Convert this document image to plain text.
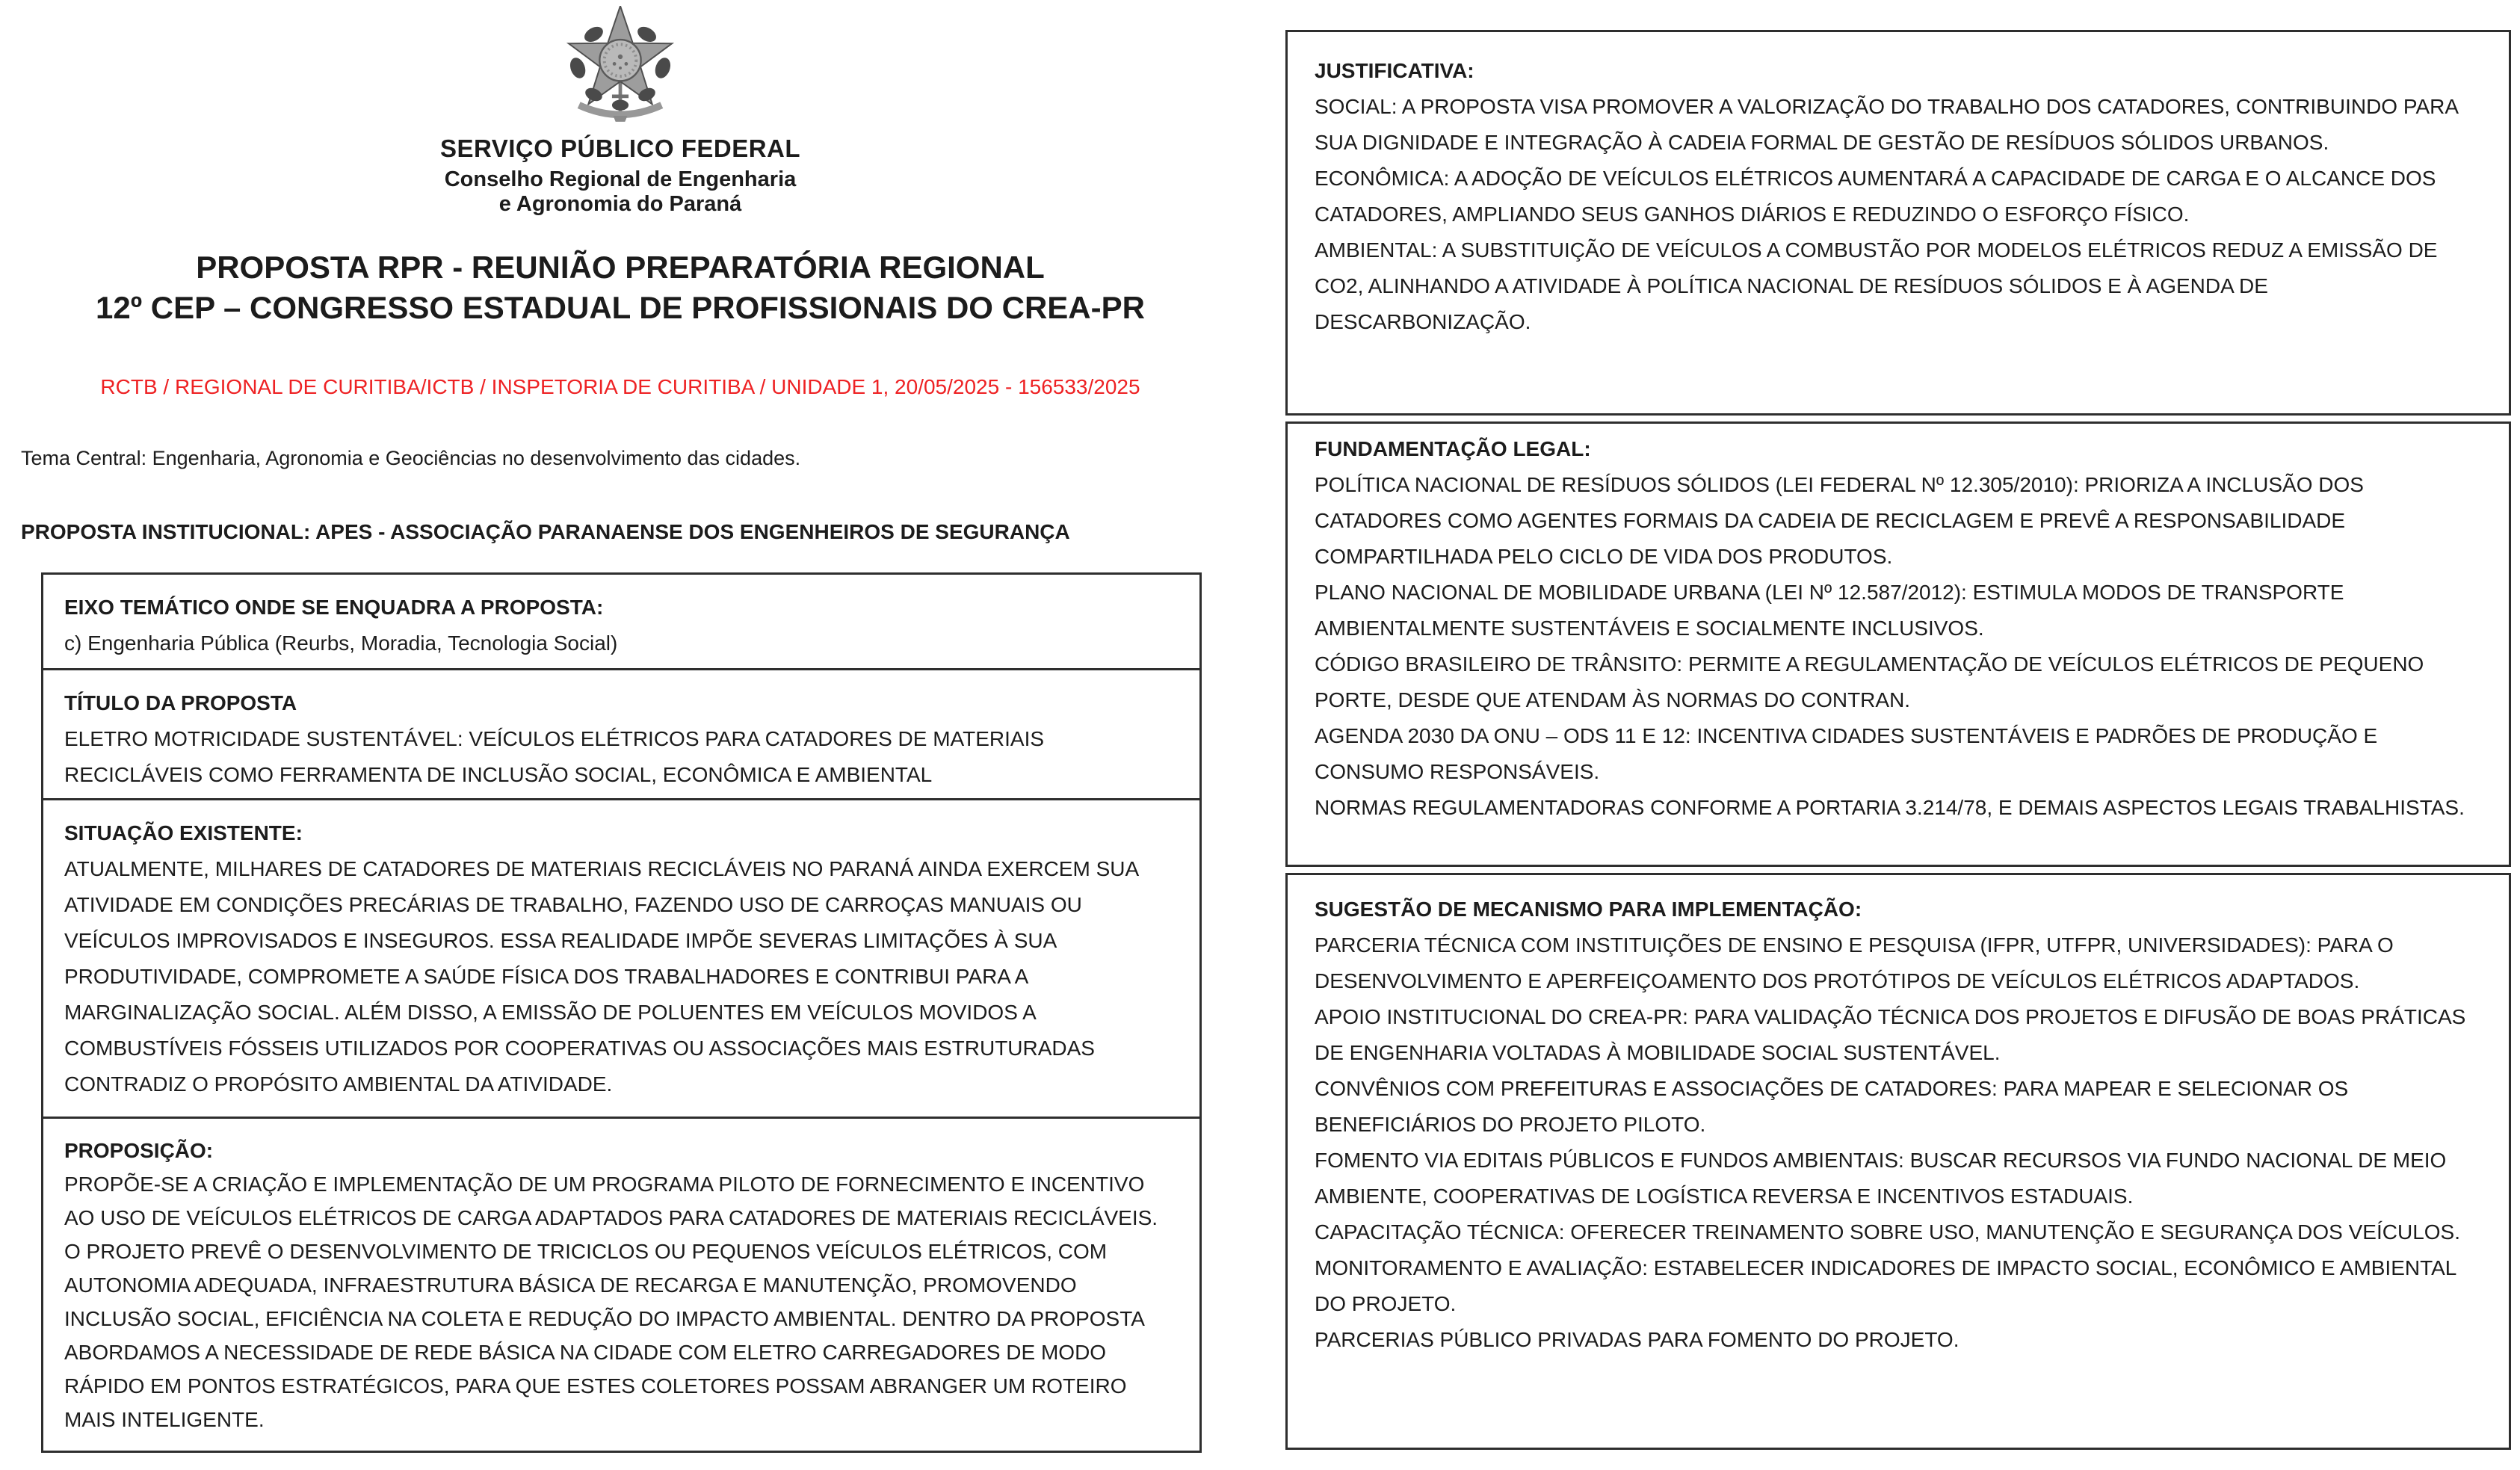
SERVIÇO PÚBLICO FEDERAL
Conselho Regional de Engenharia
e Agronomia do Paraná
PROPOSTA RPR - REUNIÃO PREPARATÓRIA REGIONAL
12º CEP – CONGRESSO ESTADUAL DE PROFISSIONAIS DO CREA-PR
RCTB / REGIONAL DE CURITIBA/ICTB / INSPETORIA DE CURITIBA / UNIDADE 1, 20/05/2025 - 156533/2025
Tema Central: Engenharia, Agronomia e Geociências no desenvolvimento das cidades.
PROPOSTA INSTITUCIONAL: APES - ASSOCIAÇÃO PARANAENSE DOS ENGENHEIROS DE SEGURANÇA
EIXO TEMÁTICO ONDE SE ENQUADRA A PROPOSTA:
c) Engenharia Pública (Reurbs, Moradia, Tecnologia Social)
TÍTULO DA PROPOSTA
ELETRO MOTRICIDADE SUSTENTÁVEL: VEÍCULOS ELÉTRICOS PARA CATADORES DE MATERIAIS RECICLÁVEIS COMO FERRAMENTA DE INCLUSÃO SOCIAL, ECONÔMICA E AMBIENTAL
SITUAÇÃO EXISTENTE:
ATUALMENTE, MILHARES DE CATADORES DE MATERIAIS RECICLÁVEIS NO PARANÁ AINDA EXERCEM SUA ATIVIDADE EM CONDIÇÕES PRECÁRIAS DE TRABALHO, FAZENDO USO DE CARROÇAS MANUAIS OU VEÍCULOS IMPROVISADOS E INSEGUROS. ESSA REALIDADE IMPÕE SEVERAS LIMITAÇÕES À SUA PRODUTIVIDADE, COMPROMETE A SAÚDE FÍSICA DOS TRABALHADORES E CONTRIBUI PARA A MARGINALIZAÇÃO SOCIAL. ALÉM DISSO, A EMISSÃO DE POLUENTES EM VEÍCULOS MOVIDOS A COMBUSTÍVEIS FÓSSEIS UTILIZADOS POR COOPERATIVAS OU ASSOCIAÇÕES MAIS ESTRUTURADAS CONTRADIZ O PROPÓSITO AMBIENTAL DA ATIVIDADE.
PROPOSIÇÃO:
PROPÕE-SE A CRIAÇÃO E IMPLEMENTAÇÃO DE UM PROGRAMA PILOTO DE FORNECIMENTO E INCENTIVO AO USO DE VEÍCULOS ELÉTRICOS DE CARGA ADAPTADOS PARA CATADORES DE MATERIAIS RECICLÁVEIS. O PROJETO PREVÊ O DESENVOLVIMENTO DE TRICICLOS OU PEQUENOS VEÍCULOS ELÉTRICOS, COM AUTONOMIA ADEQUADA, INFRAESTRUTURA BÁSICA DE RECARGA E MANUTENÇÃO, PROMOVENDO INCLUSÃO SOCIAL, EFICIÊNCIA NA COLETA E REDUÇÃO DO IMPACTO AMBIENTAL. DENTRO DA PROPOSTA ABORDAMOS A NECESSIDADE DE REDE BÁSICA NA CIDADE COM ELETRO CARREGADORES DE MODO RÁPIDO EM PONTOS ESTRATÉGICOS, PARA QUE ESTES COLETORES POSSAM ABRANGER UM ROTEIRO MAIS INTELIGENTE.
JUSTIFICATIVA:
SOCIAL: A PROPOSTA VISA PROMOVER A VALORIZAÇÃO DO TRABALHO DOS CATADORES, CONTRIBUINDO PARA SUA DIGNIDADE E INTEGRAÇÃO À CADEIA FORMAL DE GESTÃO DE RESÍDUOS SÓLIDOS URBANOS.
ECONÔMICA: A ADOÇÃO DE VEÍCULOS ELÉTRICOS AUMENTARÁ A CAPACIDADE DE CARGA E O ALCANCE DOS CATADORES, AMPLIANDO SEUS GANHOS DIÁRIOS E REDUZINDO O ESFORÇO FÍSICO.
AMBIENTAL: A SUBSTITUIÇÃO DE VEÍCULOS A COMBUSTÃO POR MODELOS ELÉTRICOS REDUZ A EMISSÃO DE CO2, ALINHANDO A ATIVIDADE À POLÍTICA NACIONAL DE RESÍDUOS SÓLIDOS E À AGENDA DE DESCARBONIZAÇÃO.
FUNDAMENTAÇÃO LEGAL:
POLÍTICA NACIONAL DE RESÍDUOS SÓLIDOS (LEI FEDERAL Nº 12.305/2010): PRIORIZA A INCLUSÃO DOS CATADORES COMO AGENTES FORMAIS DA CADEIA DE RECICLAGEM E PREVÊ A RESPONSABILIDADE COMPARTILHADA PELO CICLO DE VIDA DOS PRODUTOS.
PLANO NACIONAL DE MOBILIDADE URBANA (LEI Nº 12.587/2012): ESTIMULA MODOS DE TRANSPORTE AMBIENTALMENTE SUSTENTÁVEIS E SOCIALMENTE INCLUSIVOS.
CÓDIGO BRASILEIRO DE TRÂNSITO: PERMITE A REGULAMENTAÇÃO DE VEÍCULOS ELÉTRICOS DE PEQUENO PORTE, DESDE QUE ATENDAM ÀS NORMAS DO CONTRAN.
AGENDA 2030 DA ONU – ODS 11 E 12: INCENTIVA CIDADES SUSTENTÁVEIS E PADRÕES DE PRODUÇÃO E CONSUMO RESPONSÁVEIS.
NORMAS REGULAMENTADORAS CONFORME A PORTARIA 3.214/78, E DEMAIS ASPECTOS LEGAIS TRABALHISTAS.
SUGESTÃO DE MECANISMO PARA IMPLEMENTAÇÃO:
PARCERIA TÉCNICA COM INSTITUIÇÕES DE ENSINO E PESQUISA (IFPR, UTFPR, UNIVERSIDADES): PARA O DESENVOLVIMENTO E APERFEIÇOAMENTO DOS PROTÓTIPOS DE VEÍCULOS ELÉTRICOS ADAPTADOS.
APOIO INSTITUCIONAL DO CREA-PR: PARA VALIDAÇÃO TÉCNICA DOS PROJETOS E DIFUSÃO DE BOAS PRÁTICAS DE ENGENHARIA VOLTADAS À MOBILIDADE SOCIAL SUSTENTÁVEL.
CONVÊNIOS COM PREFEITURAS E ASSOCIAÇÕES DE CATADORES: PARA MAPEAR E SELECIONAR OS BENEFICIÁRIOS DO PROJETO PILOTO.
FOMENTO VIA EDITAIS PÚBLICOS E FUNDOS AMBIENTAIS: BUSCAR RECURSOS VIA FUNDO NACIONAL DE MEIO AMBIENTE, COOPERATIVAS DE LOGÍSTICA REVERSA E INCENTIVOS ESTADUAIS.
CAPACITAÇÃO TÉCNICA: OFERECER TREINAMENTO SOBRE USO, MANUTENÇÃO E SEGURANÇA DOS VEÍCULOS.
MONITORAMENTO E AVALIAÇÃO: ESTABELECER INDICADORES DE IMPACTO SOCIAL, ECONÔMICO E AMBIENTAL DO PROJETO.
PARCERIAS PÚBLICO PRIVADAS PARA FOMENTO DO PROJETO.
